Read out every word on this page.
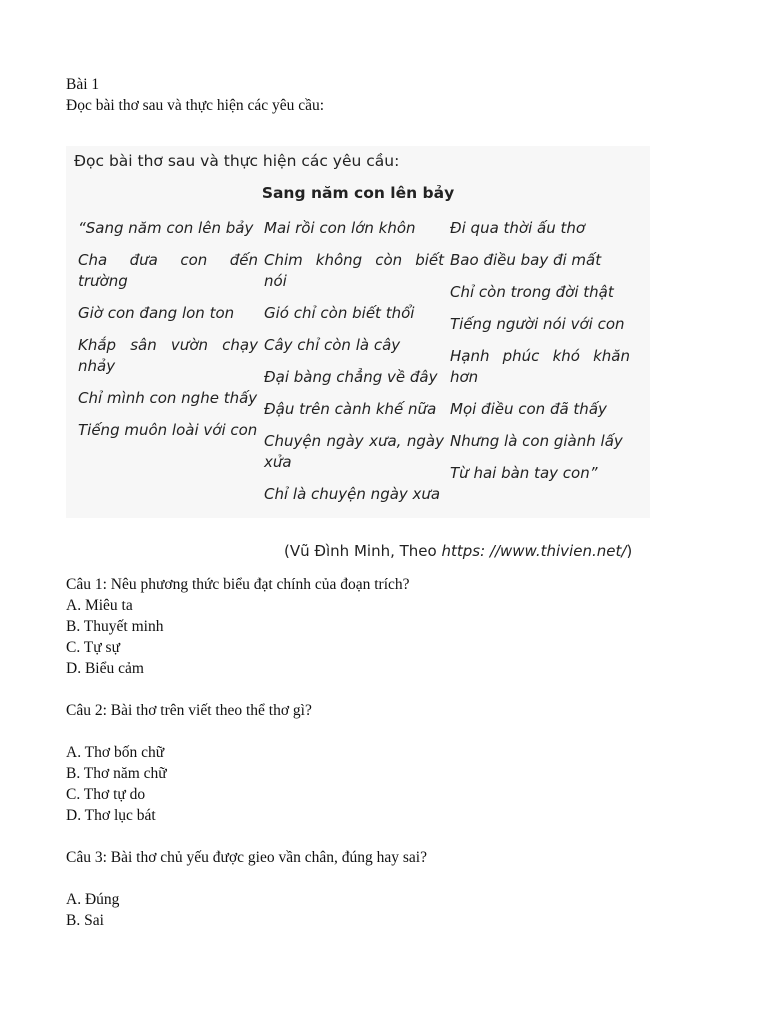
Bài 1
Đọc bài thơ sau và thực hiện các yêu cầu:
Đọc bài thơ sau và thực hiện các yêu cầu:
Sang năm con lên bảy
“Sang năm con lên bảy
Cha đưa con đến trường
Giờ con đang lon ton
Khắp sân vườn chạy nhảy
Chỉ mình con nghe thấy
Tiếng muôn loài với con
Mai rồi con lớn khôn
Chim không còn biết nói
Gió chỉ còn biết thổi
Cây chỉ còn là cây
Đại bàng chẳng về đây
Đậu trên cành khế nữa
Chuyện ngày xưa, ngày xửa
Chỉ là chuyện ngày xưa
Đi qua thời ấu thơ
Bao điều bay đi mất
Chỉ còn trong đời thật
Tiếng người nói với con
Hạnh phúc khó khăn hơn
Mọi điều con đã thấy
Nhưng là con giành lấy
Từ hai bàn tay con”
(Vũ Đình Minh, Theo https: //www.thivien.net/)
Câu 1: Nêu phương thức biểu đạt chính của đoạn trích?
A. Miêu ta
B. Thuyết minh
C. Tự sự
D. Biểu cảm
Câu 2: Bài thơ trên viết theo thể thơ gì?
A. Thơ bốn chữ
B. Thơ năm chữ
C. Thơ tự do
D. Thơ lục bát
Câu 3: Bài thơ chủ yếu được gieo vần chân, đúng hay sai?
A. Đúng
B. Sai
